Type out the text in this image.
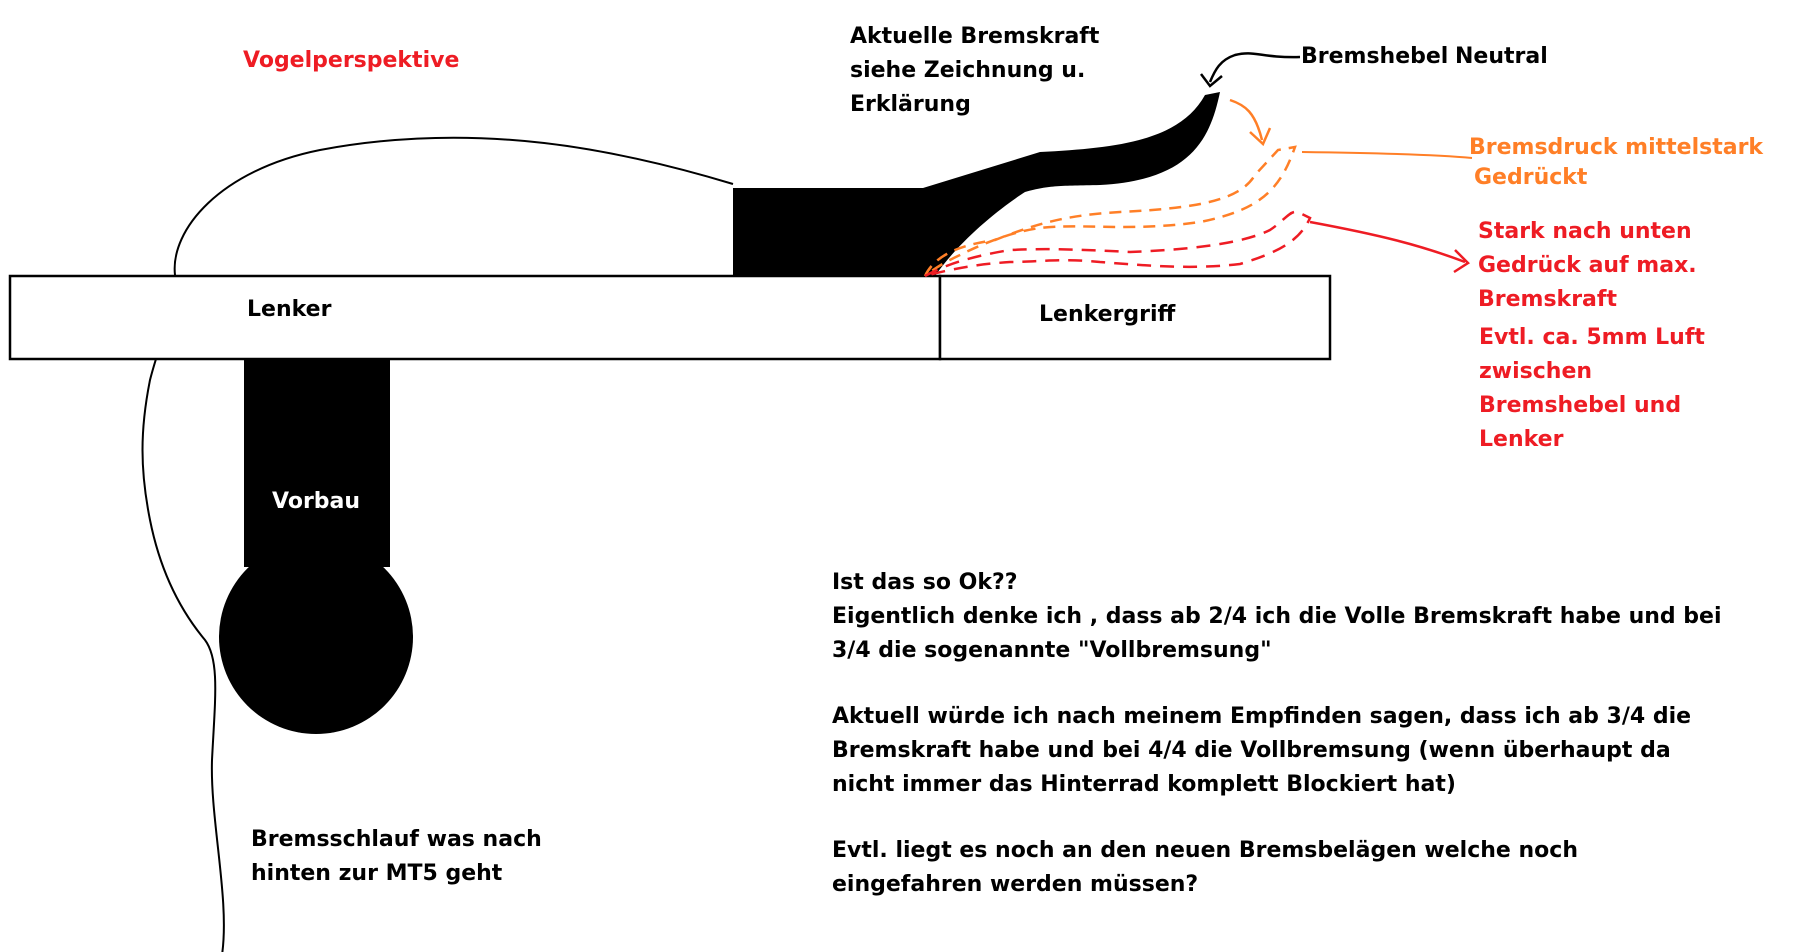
Vogelperspektive
Aktuelle Bremskraft
siehe Zeichnung u.
Erklärung
Bremshebel Neutral
Bremsdruck mittelstark
Gedrückt
Stark nach unten
Gedrück auf max.
Bremskraft
Evtl. ca. 5mm Luft
zwischen
Bremshebel und
Lenker
Lenker	Lenkergriff
Vorbau
Bremsschlauf was nach
hinten zur MT5 geht
Ist das so Ok??
Eigentlich denke ich , dass ab 2/4 ich die Volle Bremskraft habe und bei
3/4 die sogenannte "Vollbremsung"
Aktuell würde ich nach meinem Empfinden sagen, dass ich ab 3/4 die
Bremskraft habe und bei 4/4 die Vollbremsung (wenn überhaupt da
nicht immer das Hinterrad komplett Blockiert hat)
Evtl. liegt es noch an den neuen Bremsbelägen welche noch
eingefahren werden müssen?
